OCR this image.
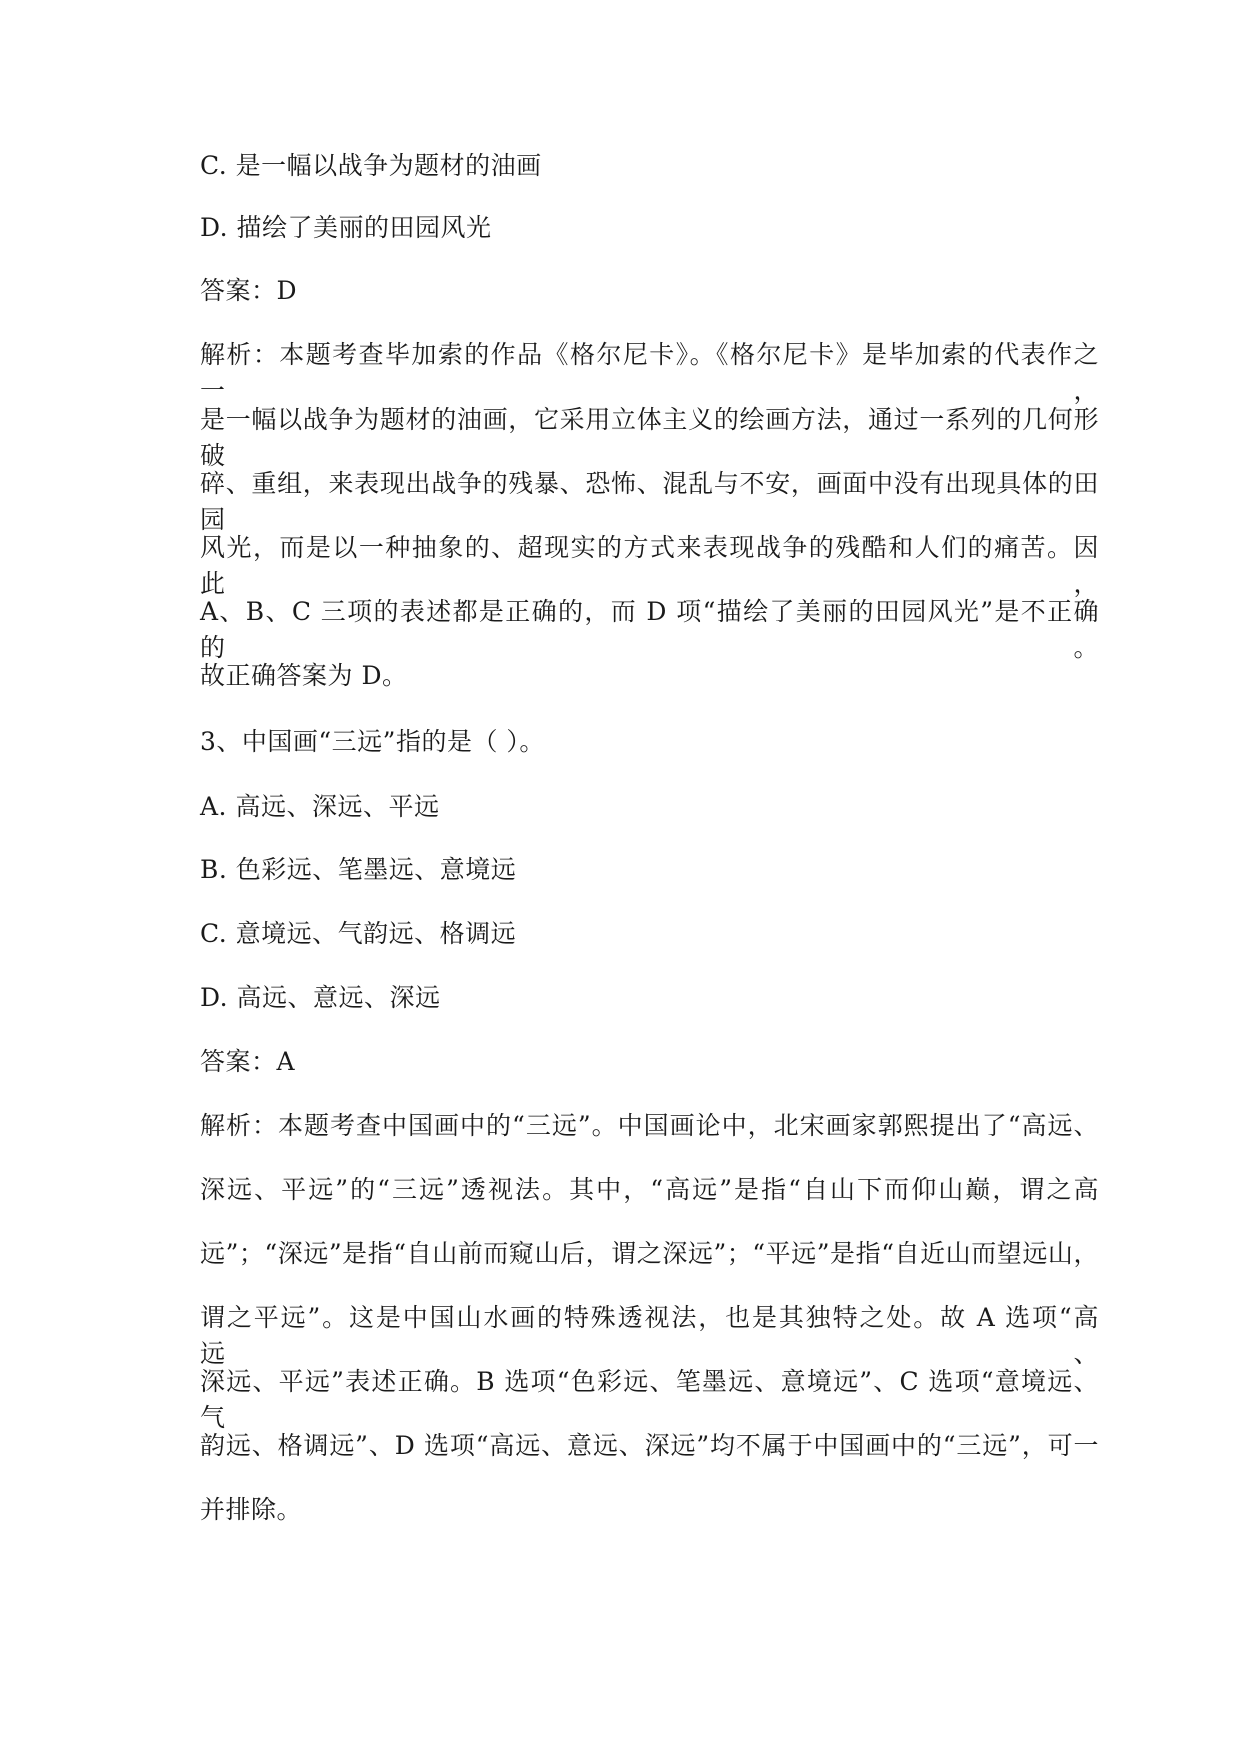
C. 是一幅以战争为题材的油画
D. 描绘了美丽的田园风光
答案：D
解析：本题考查毕加索的作品《格尔尼卡》。《格尔尼卡》是毕加索的代表作之一，
是一幅以战争为题材的油画，它采用立体主义的绘画方法，通过一系列的几何形破
碎、重组，来表现出战争的残暴、恐怖、混乱与不安，画面中没有出现具体的田园
风光，而是以一种抽象的、超现实的方式来表现战争的残酷和人们的痛苦。因此，
A、B、C 三项的表述都是正确的，而 D 项“描绘了美丽的田园风光”是不正确的。
故正确答案为 D。
3、中国画“三远”指的是（ ）。
A. 高远、深远、平远
B. 色彩远、笔墨远、意境远
C. 意境远、气韵远、格调远
D. 高远、意远、深远
答案：A
解析：本题考查中国画中的“三远”。中国画论中，北宋画家郭熙提出了“高远、
深远、平远”的“三远”透视法。其中，“高远”是指“自山下而仰山巅，谓之高
远”；“深远”是指“自山前而窥山后，谓之深远”；“平远”是指“自近山而望远山，
谓之平远”。这是中国山水画的特殊透视法，也是其独特之处。故 A 选项“高远、
深远、平远”表述正确。B 选项“色彩远、笔墨远、意境远”、C 选项“意境远、气
韵远、格调远”、D 选项“高远、意远、深远”均不属于中国画中的“三远”，可一
并排除。
